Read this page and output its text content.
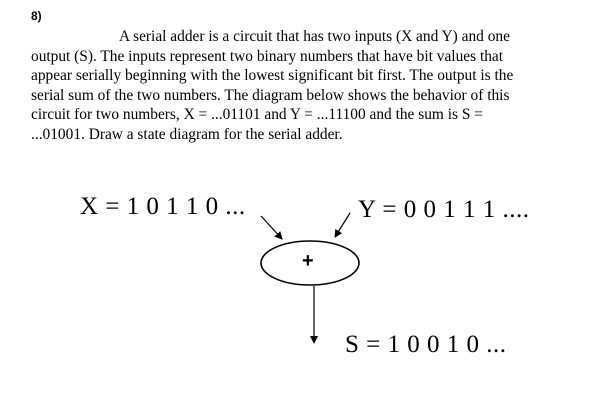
8)
A serial adder is a circuit that has two inputs (X and Y) and one
output (S). The inputs represent two binary numbers that have bit values that
appear serially beginning with the lowest significant bit first. The output is the
serial sum of the two numbers. The diagram below shows the behavior of this
circuit for two numbers, X = ...01101 and Y = ...11100 and the sum is S =
...01001. Draw a state diagram for the serial adder.
+
X = 1 0 1 1 0 ...	Y = 0 0 1 1 1 ....
S = 1 0 0 1 0 ...
